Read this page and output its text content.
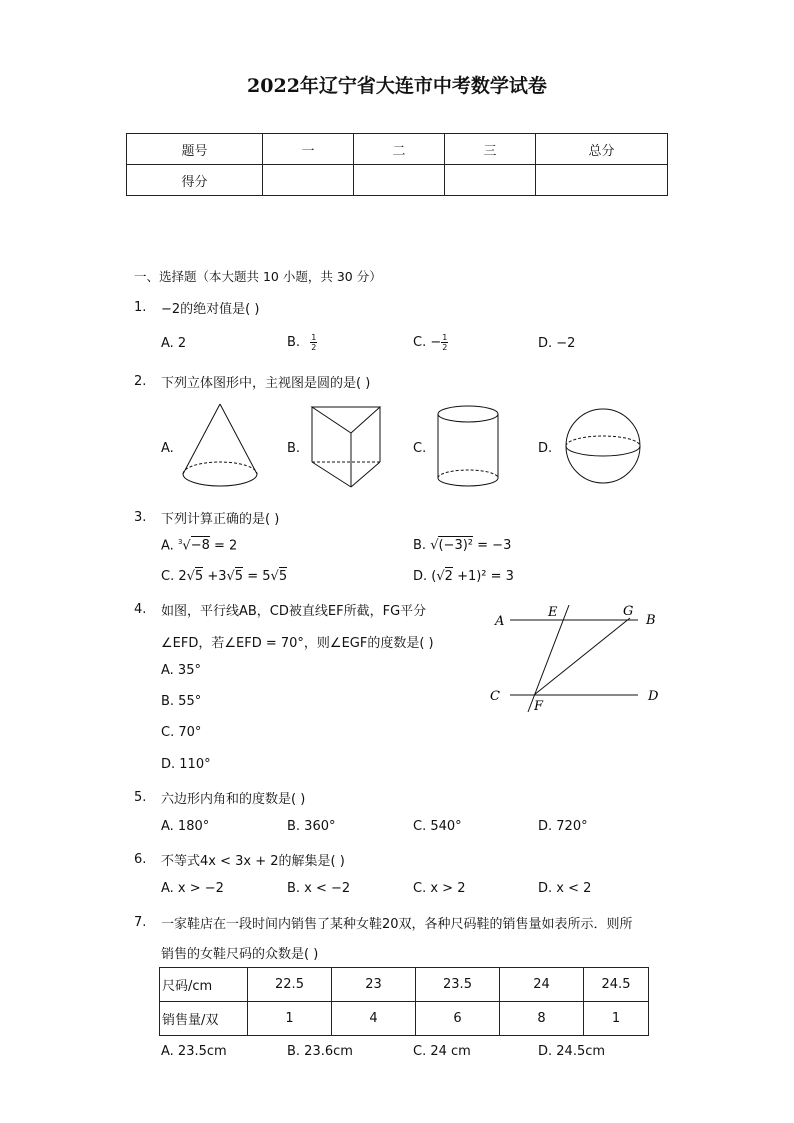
2022年辽宁省大连市中考数学试卷
题号	一	二	三	总分
得分				
一、选择题（本大题共 10 小题，共 30 分）
1. −2的绝对值是( )
A. 2	B. $\frac{1}{2}$	C. − $\frac{1}{2}$	D. −2
2. 下列立体图形中，主视图是圆的是( )
A.	B.	C.	D.
3. 下列计算正确的是( )
A. $^3$√−8 = 2	B. √(−3)² = −3
C. 2√5 +3√5 = 5√5	D. (√2 +1)² = 3
4. 如图，平行线AB，CD被直线EF所截，FG平分
∠EFD，若∠EFD = 70°，则∠EGF的度数是( )
A. 35°
B. 55°
C. 70°
D. 110°
A
E	G
B
C
F
D
5. 六边形内角和的度数是( )
A. 180°	B. 360°	C. 540°	D. 720°
6. 不等式4x < 3x + 2的解集是( )
A. x > −2	B. x < −2	C. x > 2	D. x < 2
7. 一家鞋店在一段时间内销售了某种女鞋20双，各种尺码鞋的销售量如表所示．则所
销售的女鞋尺码的众数是( )
尺码/cm	22.5	23	23.5	24	24.5
销售量/双	1	4	6	8	1
A. 23.5cm	B. 23.6cm	C. 24 cm	D. 24.5cm
